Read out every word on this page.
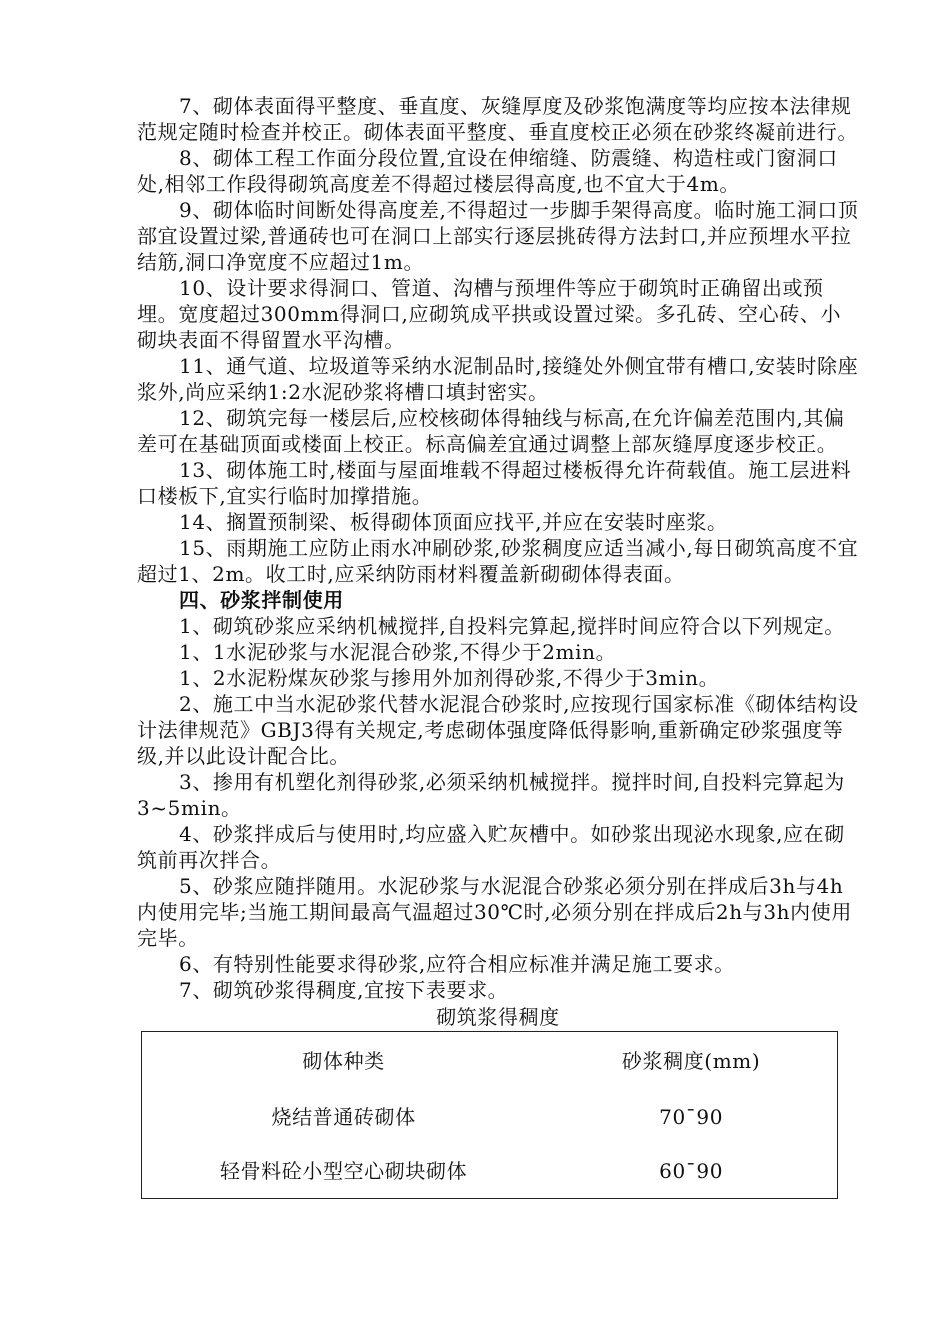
7、砌体表面得平整度、垂直度、灰缝厚度及砂浆饱满度等均应按本法律规范规定随时检查并校正。砌体表面平整度、垂直度校正必须在砂浆终凝前进行。

8、砌体工程工作面分段位置,宜设在伸缩缝、防震缝、构造柱或门窗洞口处,相邻工作段得砌筑高度差不得超过楼层得高度,也不宜大于4m。

9、砌体临时间断处得高度差,不得超过一步脚手架得高度。临时施工洞口顶部宜设置过梁,普通砖也可在洞口上部实行逐层挑砖得方法封口,并应预埋水平拉结筋,洞口净宽度不应超过1m。

10、设计要求得洞口、管道、沟槽与预埋件等应于砌筑时正确留出或预埋。宽度超过300mm得洞口,应砌筑成平拱或设置过梁。多孔砖、空心砖、小砌块表面不得留置水平沟槽。

11、通气道、垃圾道等采纳水泥制品时,接缝处外侧宜带有槽口,安装时除座浆外,尚应采纳1:2水泥砂浆将槽口填封密实。

12、砌筑完每一楼层后,应校核砌体得轴线与标高,在允许偏差范围内,其偏差可在基础顶面或楼面上校正。标高偏差宜通过调整上部灰缝厚度逐步校正。

13、砌体施工时,楼面与屋面堆载不得超过楼板得允许荷载值。施工层进料口楼板下,宜实行临时加撑措施。

14、搁置预制梁、板得砌体顶面应找平,并应在安装时座浆。

15、雨期施工应防止雨水冲刷砂浆,砂浆稠度应适当减小,每日砌筑高度不宜超过1、2m。收工时,应采纳防雨材料覆盖新砌砌体得表面。

四、砂浆拌制使用

1、砌筑砂浆应采纳机械搅拌,自投料完算起,搅拌时间应符合以下列规定。

1、1水泥砂浆与水泥混合砂浆,不得少于2min。

1、2水泥粉煤灰砂浆与掺用外加剂得砂浆,不得少于3min。

2、施工中当水泥砂浆代替水泥混合砂浆时,应按现行国家标准《砌体结构设计法律规范》GBJ3得有关规定,考虑砌体强度降低得影响,重新确定砂浆强度等级,并以此设计配合比。

3、掺用有机塑化剂得砂浆,必须采纳机械搅拌。搅拌时间,自投料完算起为3~5min。

4、砂浆拌成后与使用时,均应盛入贮灰槽中。如砂浆出现泌水现象,应在砌筑前再次拌合。

5、砂浆应随拌随用。水泥砂浆与水泥混合砂浆必须分别在拌成后3h与4h内使用完毕;当施工期间最高气温超过30℃时,必须分别在拌成后2h与3h内使用完毕。

6、有特别性能要求得砂浆,应符合相应标准并满足施工要求。

7、砌筑砂浆得稠度,宜按下表要求。

砌筑浆得稠度

砌体种类	砂浆稠度(mm)
烧结普通砖砌体	70¯90
轻骨料砼小型空心砌块砌体	60¯90
